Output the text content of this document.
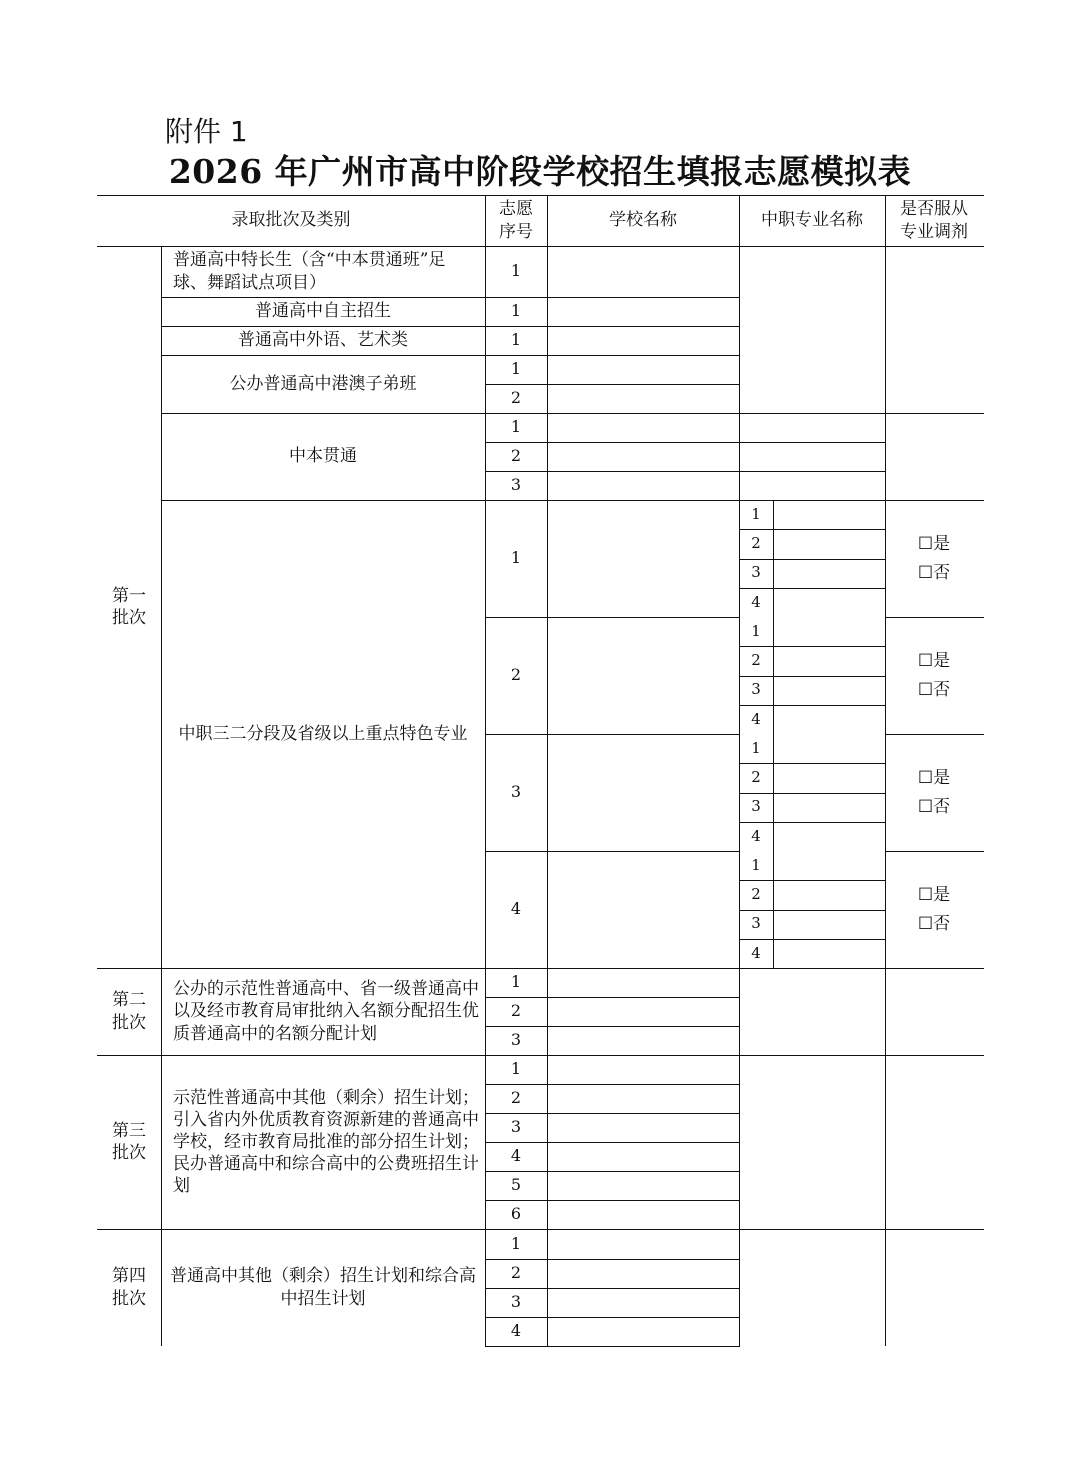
附件 1
2026 年广州市高中阶段学校招生填报志愿模拟表
录取批次及类别
志愿
序号
学校名称	中职专业名称
是否服从
专业调剂
1
1
1
1
2
1
2
3
1
2
3
4
1
2
3
1
2
3
4
5
6
1
2
3
4
1
2
3
4
☐是
☐否
1
2
3
4
☐是
☐否
1
2
3
4
☐是
☐否
1
2
3
4
☐是
☐否
普通高中特长生（含“中本贯通班”足球、舞蹈试点项目）
普通高中自主招生
普通高中外语、艺术类
公办普通高中港澳子弟班
中本贯通
中职三二分段及省级以上重点特色专业
公办的示范性普通高中、省一级普通高中以及经市教育局审批纳入名额分配招生优质普通高中的名额分配计划
示范性普通高中其他（剩余）招生计划；引入省内外优质教育资源新建的普通高中学校，经市教育局批准的部分招生计划；民办普通高中和综合高中的公费班招生计划
普通高中其他（剩余）招生计划和综合高中招生计划
第一
批次
第二
批次
第三
批次
第四
批次
